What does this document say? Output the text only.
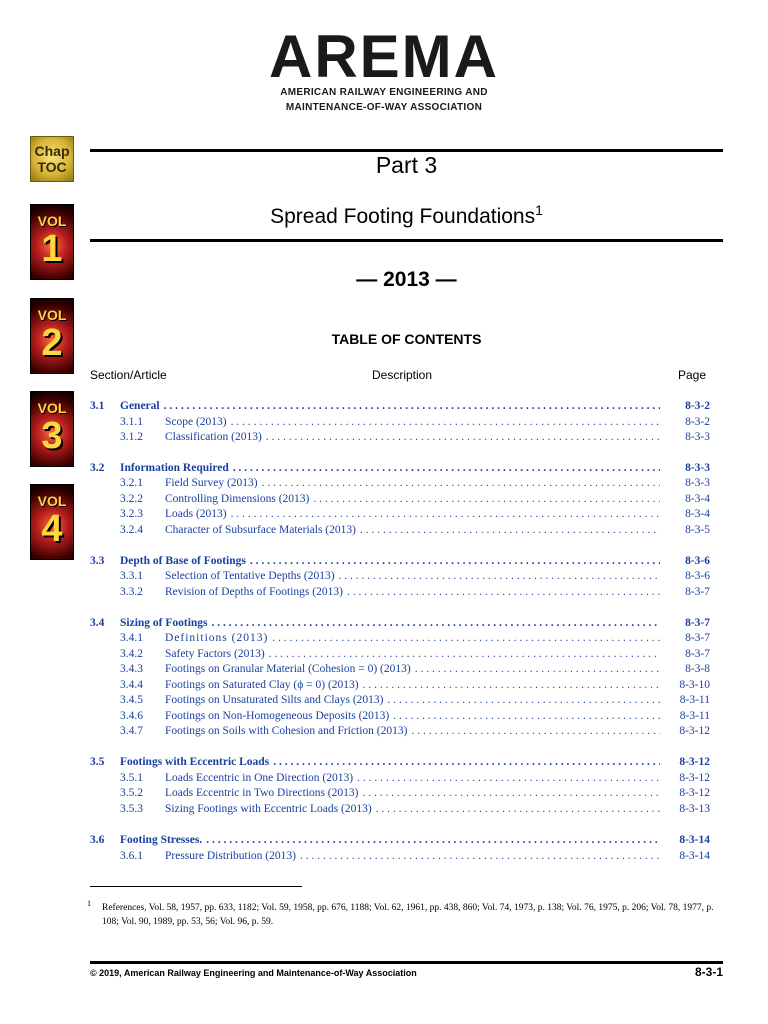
AREMA
AMERICAN RAILWAY ENGINEERING AND
MAINTENANCE-OF-WAY ASSOCIATION
Chap
TOC
VOL
1
VOL
2
VOL
3
VOL
4
Part 3
Spread Footing Foundations$^1$
— 2013 —
TABLE OF CONTENTS
Section/Article	Description	Page
3.1	General . . .	8-3-2
3.1.1	Scope (2013) . . .	8-3-2
3.1.2	Classification (2013) . . .	8-3-3
3.2	Information Required . . .	8-3-3
3.2.1	Field Survey (2013) . . .	8-3-3
3.2.2	Controlling Dimensions (2013) . . .	8-3-4
3.2.3	Loads (2013) . . .	8-3-4
3.2.4	Character of Subsurface Materials (2013) . . .	8-3-5
3.3	Depth of Base of Footings . . .	8-3-6
3.3.1	Selection of Tentative Depths (2013) . . .	8-3-6
3.3.2	Revision of Depths of Footings (2013) . . .	8-3-7
3.4	Sizing of Footings . . .	8-3-7
3.4.1	Definitions (2013) . . .	8-3-7
3.4.2	Safety Factors (2013) . . .	8-3-7
3.4.3	Footings on Granular Material (Cohesion = 0) (2013) . . .	8-3-8
3.4.4	Footings on Saturated Clay (ϕ = 0) (2013) . . .	8-3-10
3.4.5	Footings on Unsaturated Silts and Clays (2013) . . .	8-3-11
3.4.6	Footings on Non-Homogeneous Deposits (2013) . . .	8-3-11
3.4.7	Footings on Soils with Cohesion and Friction (2013) . . .	8-3-12
3.5	Footings with Eccentric Loads . . .	8-3-12
3.5.1	Loads Eccentric in One Direction (2013) . . .	8-3-12
3.5.2	Loads Eccentric in Two Directions (2013) . . .	8-3-12
3.5.3	Sizing Footings with Eccentric Loads (2013) . . .	8-3-13
3.6	Footing Stresses. . . .	8-3-14
3.6.1	Pressure Distribution (2013) . . .	8-3-14
1	References, Vol. 58, 1957, pp. 633, 1182; Vol. 59, 1958, pp. 676, 1188; Vol. 62, 1961, pp. 438, 860; Vol. 74, 1973, p. 138; Vol. 76, 1975, p. 206; Vol. 78, 1977, p. 108; Vol. 90, 1989, pp. 53, 56; Vol. 96, p. 59.
© 2019, American Railway Engineering and Maintenance-of-Way Association	8-3-1
